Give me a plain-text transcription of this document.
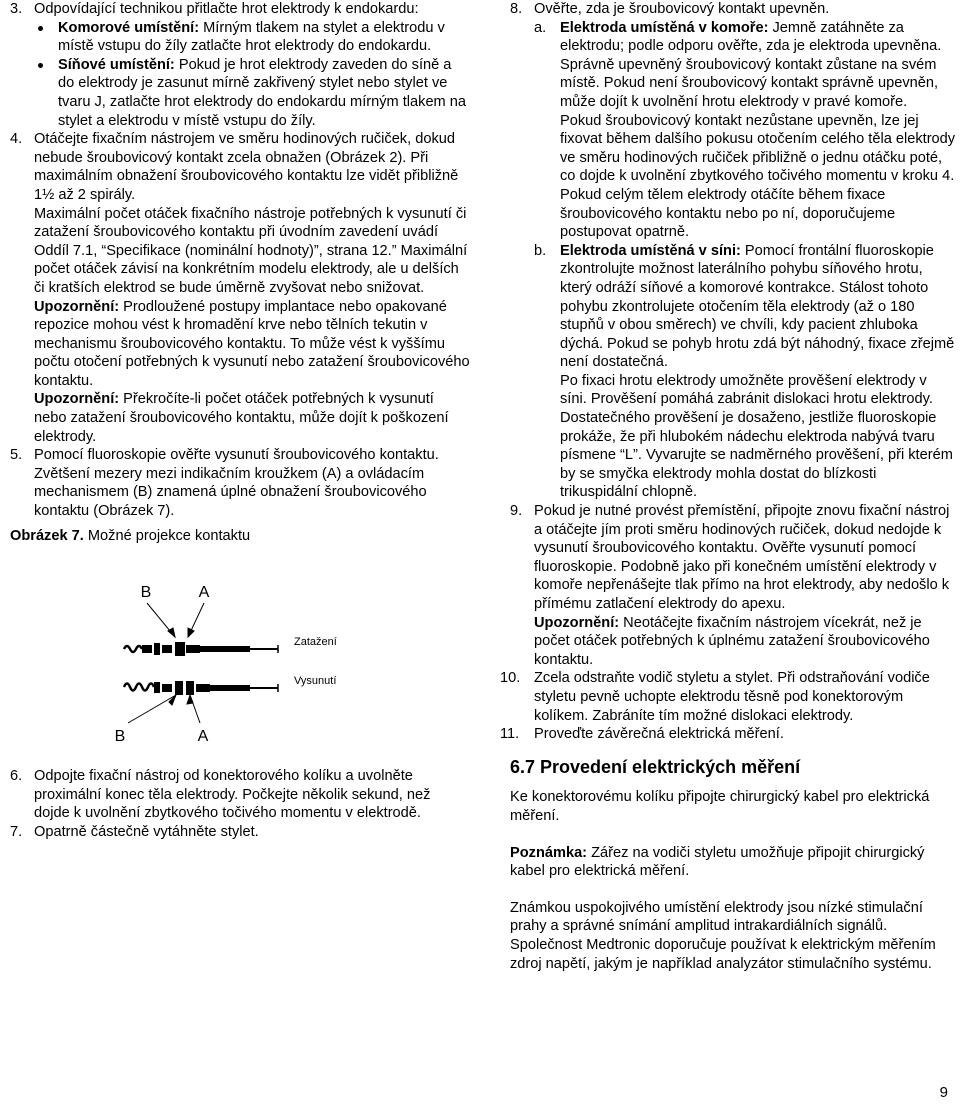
3. Odpovídající technikou přitlačte hrot elektrody k endokardu:
Komorové umístění: Mírným tlakem na stylet a elektrodu v místě vstupu do žíly zatlačte hrot elektrody do endokardu.
Síňové umístění: Pokud je hrot elektrody zaveden do síně a do elektrody je zasunut mírně zakřivený stylet nebo stylet ve tvaru J, zatlačte hrot elektrody do endokardu mírným tlakem na stylet a elektrodu v místě vstupu do žíly.
4. Otáčejte fixačním nástrojem ve směru hodinových ručiček, dokud nebude šroubovicový kontakt zcela obnažen (Obrázek 2). Při maximálním obnažení šroubovicového kontaktu lze vidět přibližně 1½ až 2 spirály.
Maximální počet otáček fixačního nástroje potřebných k vysunutí či zatažení šroubovicového kontaktu při úvodním zavedení uvádí Oddíl 7.1, “Specifikace (nominální hodnoty)”, strana 12.” Maximální počet otáček závisí na konkrétním modelu elektrody, ale u delších či kratších elektrod se bude úměrně zvyšovat nebo snižovat.
Upozornění: Prodloužené postupy implantace nebo opakované repozice mohou vést k hromadění krve nebo tělních tekutin v mechanismu šroubovicového kontaktu. To může vést k vyššímu počtu otočení potřebných k vysunutí nebo zatažení šroubovicového kontaktu.
Upozornění: Překročíte-li počet otáček potřebných k vysunutí nebo zatažení šroubovicového kontaktu, může dojít k poškození elektrody.
5. Pomocí fluoroskopie ověřte vysunutí šroubovicového kontaktu. Zvětšení mezery mezi indikačním kroužkem (A) a ovládacím mechanismem (B) znamená úplné obnažení šroubovicového kontaktu (Obrázek 7).
Obrázek 7. Možné projekce kontaktu
B	A
Zatažení
Vysunutí
B	A
6. Odpojte fixační nástroj od konektorového kolíku a uvolněte proximální konec těla elektrody. Počkejte několik sekund, než dojde k uvolnění zbytkového točivého momentu v elektrodě.
7. Opatrně částečně vytáhněte stylet.
8. Ověřte, zda je šroubovicový kontakt upevněn.
a. Elektroda umístěná v komoře: Jemně zatáhněte za elektrodu; podle odporu ověřte, zda je elektroda upevněna. Správně upevněný šroubovicový kontakt zůstane na svém místě. Pokud není šroubovicový kontakt správně upevněn, může dojít k uvolnění hrotu elektrody v pravé komoře.
Pokud šroubovicový kontakt nezůstane upevněn, lze jej fixovat během dalšího pokusu otočením celého těla elektrody ve směru hodinových ručiček přibližně o jednu otáčku poté, co dojde k uvolnění zbytkového točivého momentu v kroku 4. Pokud celým tělem elektrody otáčíte během fixace šroubovicového kontaktu nebo po ní, doporučujeme postupovat opatrně.
b. Elektroda umístěná v síni: Pomocí frontální fluoroskopie zkontrolujte možnost laterálního pohybu síňového hrotu, který odráží síňové a komorové kontrakce. Stálost tohoto pohybu zkontrolujete otočením těla elektrody (až o 180 stupňů v obou směrech) ve chvíli, kdy pacient zhluboka dýchá. Pokud se pohyb hrotu zdá být náhodný, fixace zřejmě není dostatečná.
Po fixaci hrotu elektrody umožněte prověšení elektrody v síni. Prověšení pomáhá zabránit dislokaci hrotu elektrody. Dostatečného prověšení je dosaženo, jestliže fluoroskopie prokáže, že při hlubokém nádechu elektroda nabývá tvaru písmene “L”. Vyvarujte se nadměrného prověšení, při kterém by se smyčka elektrody mohla dostat do blízkosti trikuspidální chlopně.
9. Pokud je nutné provést přemístění, připojte znovu fixační nástroj a otáčejte jím proti směru hodinových ručiček, dokud nedojde k vysunutí šroubovicového kontaktu. Ověřte vysunutí pomocí fluoroskopie. Podobně jako při konečném umístění elektrody v komoře nepřenášejte tlak přímo na hrot elektrody, aby nedošlo k přímému zatlačení elektrody do apexu.
Upozornění: Neotáčejte fixačním nástrojem vícekrát, než je počet otáček potřebných k úplnému zatažení šroubovicového kontaktu.
10. Zcela odstraňte vodič styletu a stylet. Při odstraňování vodiče styletu pevně uchopte elektrodu těsně pod konektorovým kolíkem. Zabráníte tím možné dislokaci elektrody.
11. Proveďte závěrečná elektrická měření.
6.7 Provedení elektrických měření
Ke konektorovému kolíku připojte chirurgický kabel pro elektrická měření.
Poznámka: Zářez na vodiči styletu umožňuje připojit chirurgický kabel pro elektrická měření.
Známkou uspokojivého umístění elektrody jsou nízké stimulační prahy a správné snímání amplitud intrakardiálních signálů. Společnost Medtronic doporučuje používat k elektrickým měřením zdroj napětí, jakým je například analyzátor stimulačního systému.
9
